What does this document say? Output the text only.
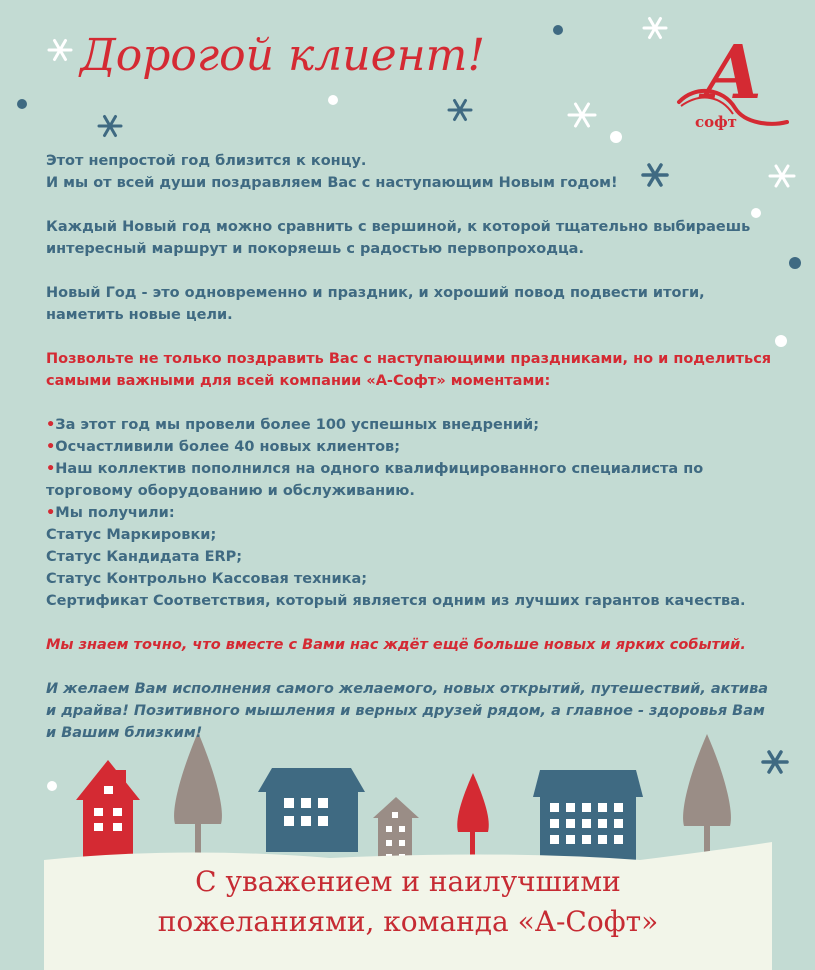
Дорогой клиент!	А
софт

Этот непростой год близится к концу.

И мы от всей души поздравляем Вас с наступающим Новым годом!

Каждый Новый год можно сравнить с вершиной, к которой тщательно выбираешь интересный маршрут и покоряешь с радостью первопроходца.

Новый Год - это одновременно и праздник, и хороший повод подвести итоги, наметить новые цели.

Позвольте не только поздравить Вас с наступающими праздниками, но и поделиться самыми важными для всей компании «А-Софт» моментами:

•За этот год мы провели более 100 успешных внедрений;

•Осчастливили более 40 новых клиентов;

•Наш коллектив пополнился на одного квалифицированного специалиста по торговому оборудованию и обслуживанию.

•Мы получили:

Статус Маркировки;

Статус Кандидата ERP;

Статус Контрольно Кассовая техника;

Сертификат Соответствия, который является одним из лучших гарантов качества.

Мы знаем точно, что вместе с Вами нас ждёт ещё больше новых и ярких событий.

И желаем Вам исполнения самого желаемого, новых открытий, путешествий, актива и драйва! Позитивного мышления и верных друзей рядом, а главное - здоровья Вам и Вашим близким!

С уважением и наилучшими
пожеланиями, команда «А-Софт»
